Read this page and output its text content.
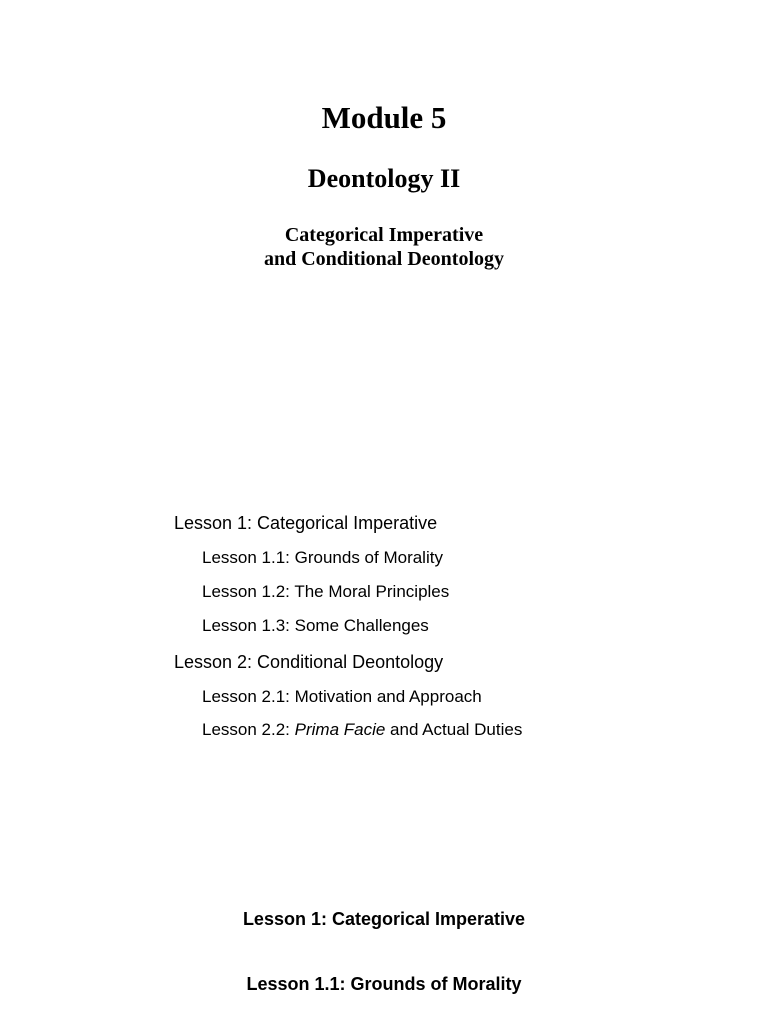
Module 5
Deontology II
Categorical Imperative
and Conditional Deontology
Lesson 1: Categorical Imperative
Lesson 1.1: Grounds of Morality
Lesson 1.2: The Moral Principles
Lesson 1.3: Some Challenges
Lesson 2: Conditional Deontology
Lesson 2.1: Motivation and Approach
Lesson 2.2: Prima Facie and Actual Duties
Lesson 1: Categorical Imperative
Lesson 1.1: Grounds of Morality
